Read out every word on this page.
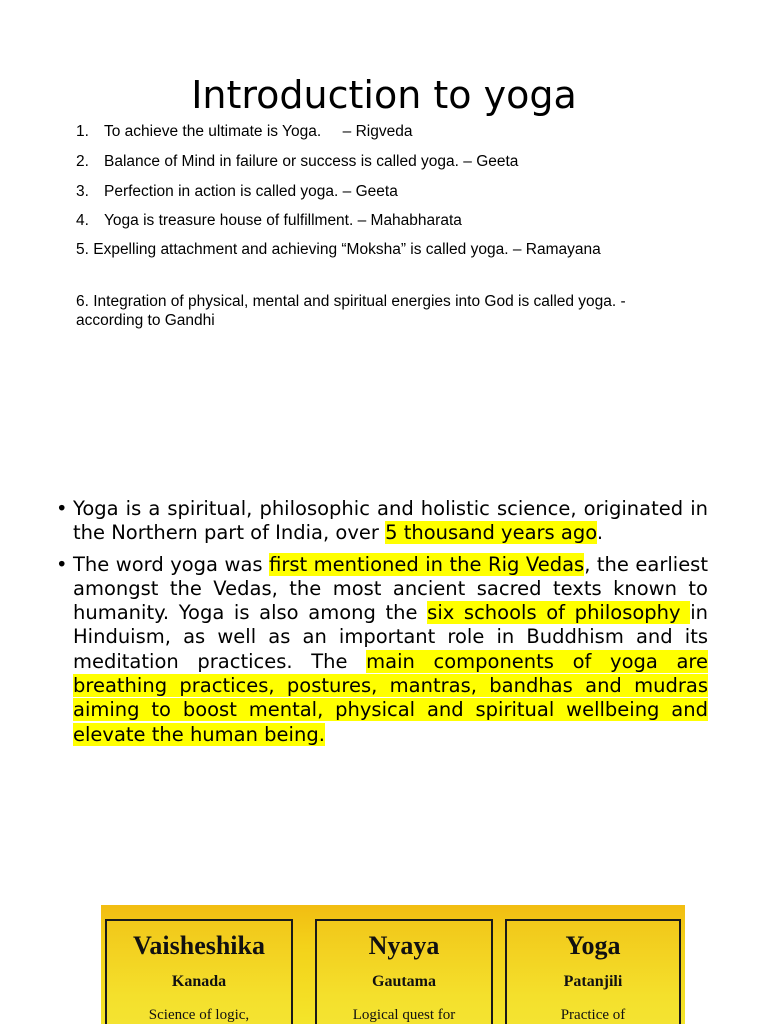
Introduction to yoga

1. To achieve the ultimate is Yoga.     – Rigveda

2. Balance of Mind in failure or success is called yoga. – Geeta

3. Perfection in action is called yoga. – Geeta

4. Yoga is treasure house of fulfillment. – Mahabharata

5. Expelling attachment and achieving “Moksha” is called yoga. – Ramayana

6. Integration of physical, mental and spiritual energies into God is called yoga. -according to Gandhi

• Yoga is a spiritual, philosophic and holistic science, originated in the Northern part of India, over 5 thousand years ago.
• The word yoga was first mentioned in the Rig Vedas, the earliest amongst the Vedas, the most ancient sacred texts known to humanity. Yoga is also among the six schools of philosophy in Hinduism, as well as an important role in Buddhism and its meditation practices. The main components of yoga are breathing practices, postures, mantras, bandhas and mudras aiming to boost mental, physical and spiritual wellbeing and elevate the human being.
Vaisheshika
Kanada
Science of logic,
Nyaya
Gautama
Logical quest for
Yoga
Patanjili
Practice of
